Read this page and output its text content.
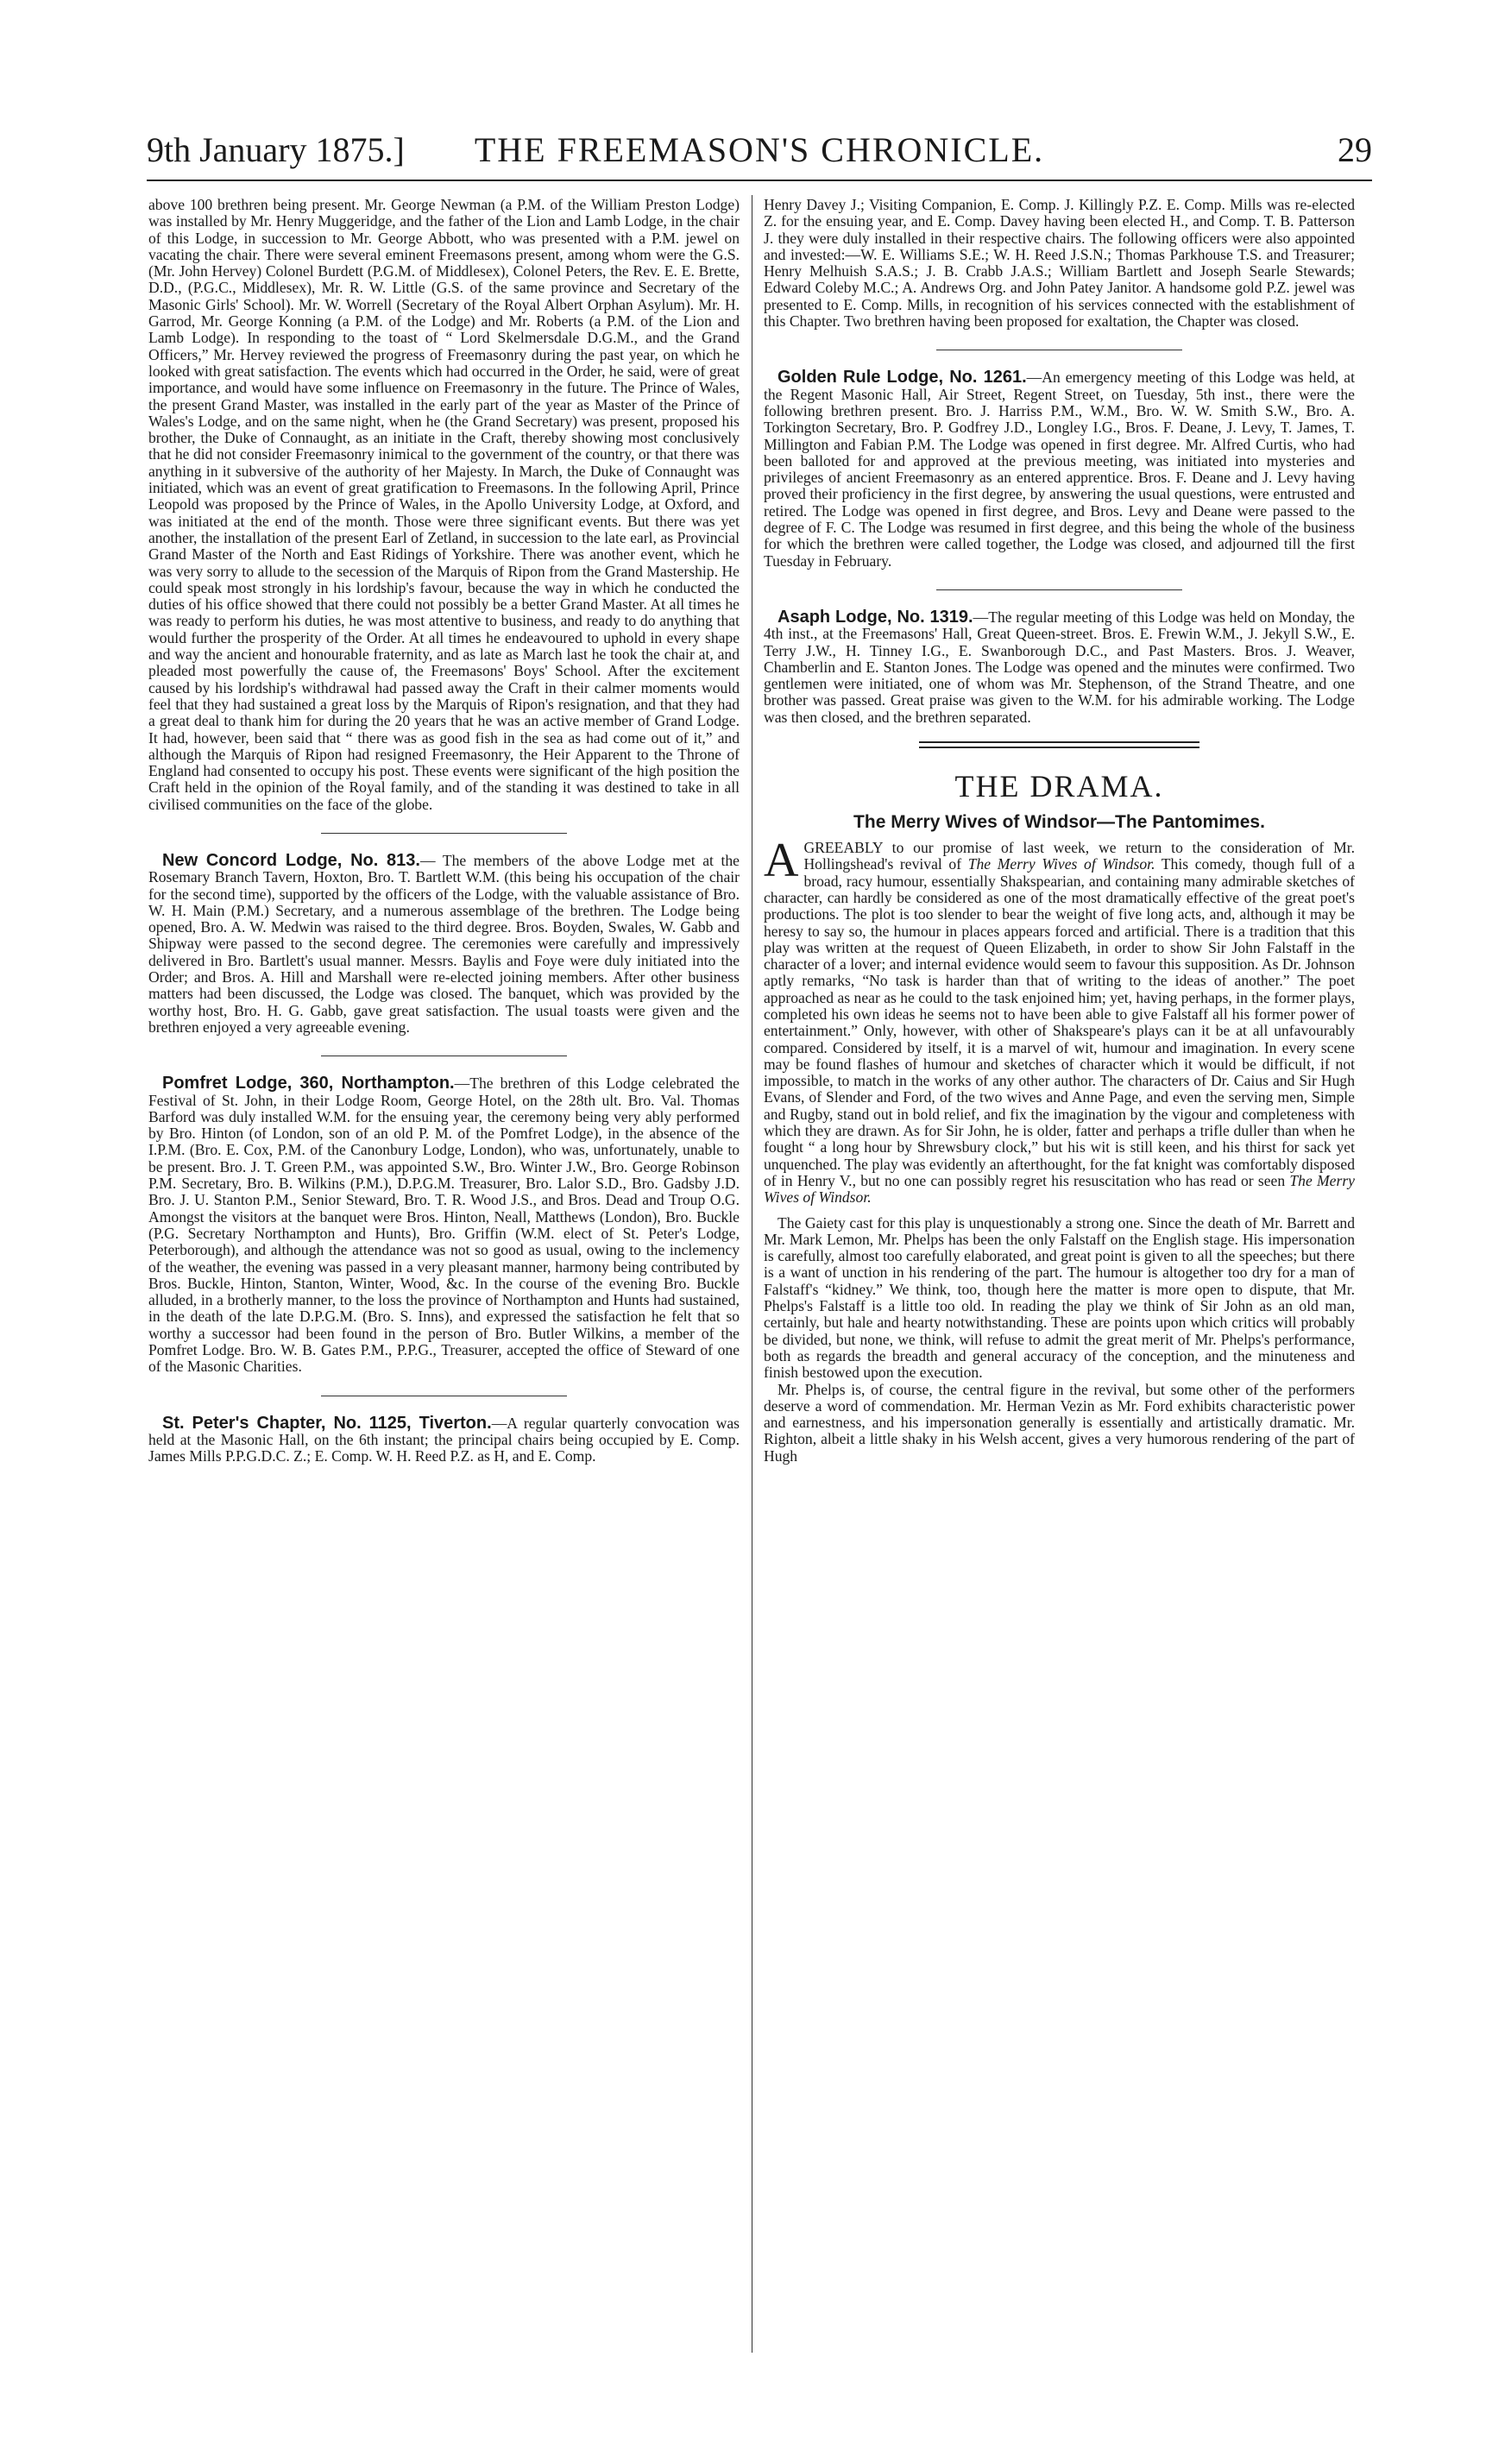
9th January 1875.]	THE FREEMASON'S CHRONICLE.	29

above 100 brethren being present. Mr. George Newman (a P.M. of the William Preston Lodge) was installed by Mr. Henry Muggeridge, and the father of the Lion and Lamb Lodge, in the chair of this Lodge, in succession to Mr. George Abbott, who was presented with a P.M. jewel on vacating the chair. There were several eminent Freemasons present, among whom were the G.S. (Mr. John Hervey) Colonel Burdett (P.G.M. of Middlesex), Colonel Peters, the Rev. E. E. Brette, D.D., (P.G.C., Middlesex), Mr. R. W. Little (G.S. of the same province and Secretary of the Masonic Girls' School). Mr. W. Worrell (Secretary of the Royal Albert Orphan Asylum). Mr. H. Garrod, Mr. George Konning (a P.M. of the Lodge) and Mr. Roberts (a P.M. of the Lion and Lamb Lodge). In responding to the toast of “ Lord Skelmersdale D.G.M., and the Grand Officers,” Mr. Hervey reviewed the progress of Freemasonry during the past year, on which he looked with great satisfaction. The events which had occurred in the Order, he said, were of great importance, and would have some influence on Freemasonry in the future. The Prince of Wales, the present Grand Master, was installed in the early part of the year as Master of the Prince of Wales's Lodge, and on the same night, when he (the Grand Secretary) was present, proposed his brother, the Duke of Connaught, as an initiate in the Craft, thereby showing most conclusively that he did not consider Freemasonry inimical to the government of the country, or that there was anything in it subversive of the authority of her Majesty. In March, the Duke of Connaught was initiated, which was an event of great gratification to Freemasons. In the following April, Prince Leopold was proposed by the Prince of Wales, in the Apollo University Lodge, at Oxford, and was initiated at the end of the month. Those were three significant events. But there was yet another, the installation of the present Earl of Zetland, in succession to the late earl, as Provincial Grand Master of the North and East Ridings of Yorkshire. There was another event, which he was very sorry to allude to the secession of the Marquis of Ripon from the Grand Mastership. He could speak most strongly in his lordship's favour, because the way in which he conducted the duties of his office showed that there could not possibly be a better Grand Master. At all times he was ready to perform his duties, he was most attentive to business, and ready to do anything that would further the prosperity of the Order. At all times he endeavoured to uphold in every shape and way the ancient and honourable fraternity, and as late as March last he took the chair at, and pleaded most powerfully the cause of, the Freemasons' Boys' School. After the excitement caused by his lordship's withdrawal had passed away the Craft in their calmer moments would feel that they had sustained a great loss by the Marquis of Ripon's resignation, and that they had a great deal to thank him for during the 20 years that he was an active member of Grand Lodge. It had, however, been said that “ there was as good fish in the sea as had come out of it,” and although the Marquis of Ripon had resigned Freemasonry, the Heir Apparent to the Throne of England had consented to occupy his post. These events were significant of the high position the Craft held in the opinion of the Royal family, and of the standing it was destined to take in all civilised communities on the face of the globe.

New Concord Lodge, No. 813.— The members of the above Lodge met at the Rosemary Branch Tavern, Hoxton, Bro. T. Bartlett W.M. (this being his occupation of the chair for the second time), supported by the officers of the Lodge, with the valuable assistance of Bro. W. H. Main (P.M.) Secretary, and a numerous assemblage of the brethren. The Lodge being opened, Bro. A. W. Medwin was raised to the third degree. Bros. Boyden, Swales, W. Gabb and Shipway were passed to the second degree. The ceremonies were carefully and impressively delivered in Bro. Bartlett's usual manner. Messrs. Baylis and Foye were duly initiated into the Order; and Bros. A. Hill and Marshall were re-elected joining members. After other business matters had been discussed, the Lodge was closed. The banquet, which was provided by the worthy host, Bro. H. G. Gabb, gave great satisfaction. The usual toasts were given and the brethren enjoyed a very agreeable evening.

Pomfret Lodge, 360, Northampton.—The brethren of this Lodge celebrated the Festival of St. John, in their Lodge Room, George Hotel, on the 28th ult. Bro. Val. Thomas Barford was duly installed W.M. for the ensuing year, the ceremony being very ably performed by Bro. Hinton (of London, son of an old P. M. of the Pomfret Lodge), in the absence of the I.P.M. (Bro. E. Cox, P.M. of the Canonbury Lodge, London), who was, unfortunately, unable to be present. Bro. J. T. Green P.M., was appointed S.W., Bro. Winter J.W., Bro. George Robinson P.M. Secretary, Bro. B. Wilkins (P.M.), D.P.G.M. Treasurer, Bro. Lalor S.D., Bro. Gadsby J.D. Bro. J. U. Stanton P.M., Senior Steward, Bro. T. R. Wood J.S., and Bros. Dead and Troup O.G. Amongst the visitors at the banquet were Bros. Hinton, Neall, Matthews (London), Bro. Buckle (P.G. Secretary Northampton and Hunts), Bro. Griffin (W.M. elect of St. Peter's Lodge, Peterborough), and although the attendance was not so good as usual, owing to the inclemency of the weather, the evening was passed in a very pleasant manner, harmony being contributed by Bros. Buckle, Hinton, Stanton, Winter, Wood, &c. In the course of the evening Bro. Buckle alluded, in a brotherly manner, to the loss the province of Northampton and Hunts had sustained, in the death of the late D.P.G.M. (Bro. S. Inns), and expressed the satisfaction he felt that so worthy a successor had been found in the person of Bro. Butler Wilkins, a member of the Pomfret Lodge. Bro. W. B. Gates P.M., P.P.G., Treasurer, accepted the office of Steward of one of the Masonic Charities.

St. Peter's Chapter, No. 1125, Tiverton.—A regular quarterly convocation was held at the Masonic Hall, on the 6th instant; the principal chairs being occupied by E. Comp. James Mills P.P.G.D.C. Z.; E. Comp. W. H. Reed P.Z. as H, and E. Comp.

Henry Davey J.; Visiting Companion, E. Comp. J. Killingly P.Z. E. Comp. Mills was re-elected Z. for the ensuing year, and E. Comp. Davey having been elected H., and Comp. T. B. Patterson J. they were duly installed in their respective chairs. The following officers were also appointed and invested:—W. E. Williams S.E.; W. H. Reed J.S.N.; Thomas Parkhouse T.S. and Treasurer; Henry Melhuish S.A.S.; J. B. Crabb J.A.S.; William Bartlett and Joseph Searle Stewards; Edward Coleby M.C.; A. Andrews Org. and John Patey Janitor. A handsome gold P.Z. jewel was presented to E. Comp. Mills, in recognition of his services connected with the establishment of this Chapter. Two brethren having been proposed for exaltation, the Chapter was closed.

Golden Rule Lodge, No. 1261.—An emergency meeting of this Lodge was held, at the Regent Masonic Hall, Air Street, Regent Street, on Tuesday, 5th inst., there were the following brethren present. Bro. J. Harriss P.M., W.M., Bro. W. W. Smith S.W., Bro. A. Torkington Secretary, Bro. P. Godfrey J.D., Longley I.G., Bros. F. Deane, J. Levy, T. James, T. Millington and Fabian P.M. The Lodge was opened in first degree. Mr. Alfred Curtis, who had been balloted for and approved at the previous meeting, was initiated into mysteries and privileges of ancient Freemasonry as an entered apprentice. Bros. F. Deane and J. Levy having proved their proficiency in the first degree, by answering the usual questions, were entrusted and retired. The Lodge was opened in first degree, and Bros. Levy and Deane were passed to the degree of F. C. The Lodge was resumed in first degree, and this being the whole of the business for which the brethren were called together, the Lodge was closed, and adjourned till the first Tuesday in February.

Asaph Lodge, No. 1319.—The regular meeting of this Lodge was held on Monday, the 4th inst., at the Freemasons' Hall, Great Queen-street. Bros. E. Frewin W.M., J. Jekyll S.W., E. Terry J.W., H. Tinney I.G., E. Swanborough D.C., and Past Masters. Bros. J. Weaver, Chamberlin and E. Stanton Jones. The Lodge was opened and the minutes were confirmed. Two gentlemen were initiated, one of whom was Mr. Stephenson, of the Strand Theatre, and one brother was passed. Great praise was given to the W.M. for his admirable working. The Lodge was then closed, and the brethren separated.

THE DRAMA.
The Merry Wives of Windsor—The Pantomimes.

AGREEABLY to our promise of last week, we return to the consideration of Mr. Hollingshead's revival of The Merry Wives of Windsor. This comedy, though full of a broad, racy humour, essentially Shakspearian, and containing many admirable sketches of character, can hardly be considered as one of the most dramatically effective of the great poet's productions. The plot is too slender to bear the weight of five long acts, and, although it may be heresy to say so, the humour in places appears forced and artificial. There is a tradition that this play was written at the request of Queen Elizabeth, in order to show Sir John Falstaff in the character of a lover; and internal evidence would seem to favour this supposition. As Dr. Johnson aptly remarks, “No task is harder than that of writing to the ideas of another.” The poet approached as near as he could to the task enjoined him; yet, having perhaps, in the former plays, completed his own ideas he seems not to have been able to give Falstaff all his former power of entertainment.” Only, however, with other of Shakspeare's plays can it be at all unfavourably compared. Considered by itself, it is a marvel of wit, humour and imagination. In every scene may be found flashes of humour and sketches of character which it would be difficult, if not impossible, to match in the works of any other author. The characters of Dr. Caius and Sir Hugh Evans, of Slender and Ford, of the two wives and Anne Page, and even the serving men, Simple and Rugby, stand out in bold relief, and fix the imagination by the vigour and completeness with which they are drawn. As for Sir John, he is older, fatter and perhaps a trifle duller than when he fought “ a long hour by Shrewsbury clock,” but his wit is still keen, and his thirst for sack yet unquenched. The play was evidently an afterthought, for the fat knight was comfortably disposed of in Henry V., but no one can possibly regret his resuscitation who has read or seen The Merry Wives of Windsor.

The Gaiety cast for this play is unquestionably a strong one. Since the death of Mr. Barrett and Mr. Mark Lemon, Mr. Phelps has been the only Falstaff on the English stage. His impersonation is carefully, almost too carefully elaborated, and great point is given to all the speeches; but there is a want of unction in his rendering of the part. The humour is altogether too dry for a man of Falstaff's “kidney.” We think, too, though here the matter is more open to dispute, that Mr. Phelps's Falstaff is a little too old. In reading the play we think of Sir John as an old man, certainly, but hale and hearty notwithstanding. These are points upon which critics will probably be divided, but none, we think, will refuse to admit the great merit of Mr. Phelps's performance, both as regards the breadth and general accuracy of the conception, and the minuteness and finish bestowed upon the execution.

Mr. Phelps is, of course, the central figure in the revival, but some other of the performers deserve a word of commendation. Mr. Herman Vezin as Mr. Ford exhibits characteristic power and earnestness, and his impersonation generally is essentially and artistically dramatic. Mr. Righton, albeit a little shaky in his Welsh accent, gives a very humorous rendering of the part of Hugh
